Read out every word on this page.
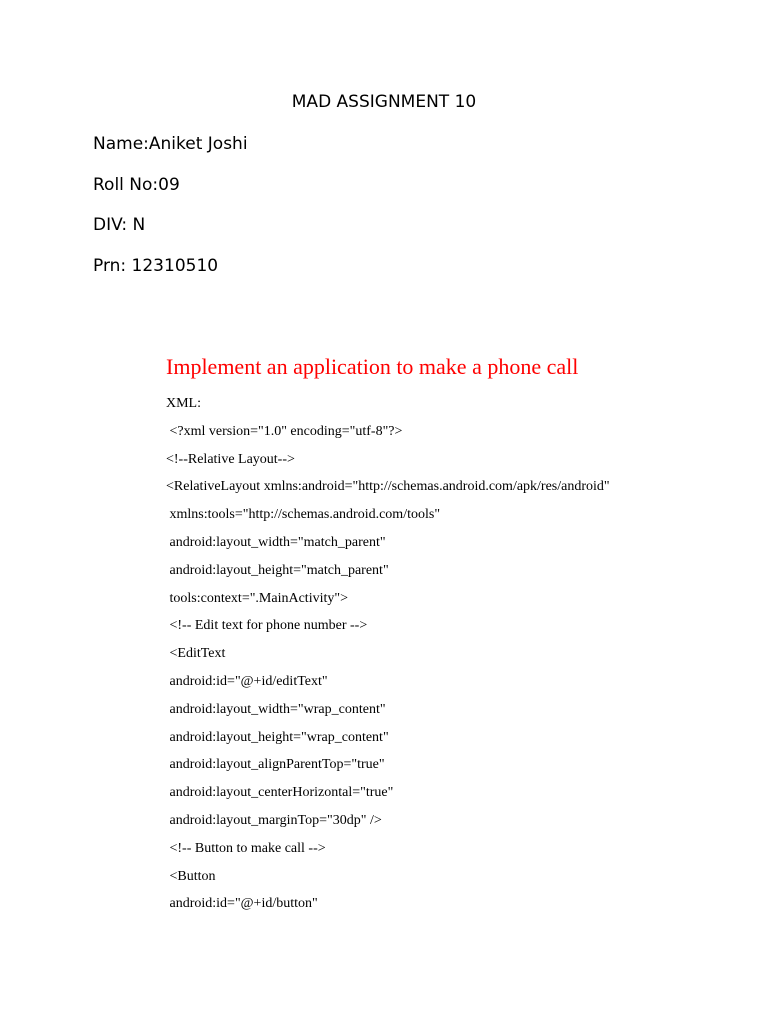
MAD ASSIGNMENT 10
Name:Aniket Joshi
Roll No:09
DIV: N
Prn: 12310510
Implement an application to make a phone call
XML:
<?xml version="1.0" encoding="utf-8"?>
<!--Relative Layout-->
<RelativeLayout xmlns:android="http://schemas.android.com/apk/res/android"
xmlns:tools="http://schemas.android.com/tools"
android:layout_width="match_parent"
android:layout_height="match_parent"
tools:context=".MainActivity">
<!-- Edit text for phone number -->
<EditText
android:id="@+id/editText"
android:layout_width="wrap_content"
android:layout_height="wrap_content"
android:layout_alignParentTop="true"
android:layout_centerHorizontal="true"
android:layout_marginTop="30dp" />
<!-- Button to make call -->
<Button
android:id="@+id/button"
